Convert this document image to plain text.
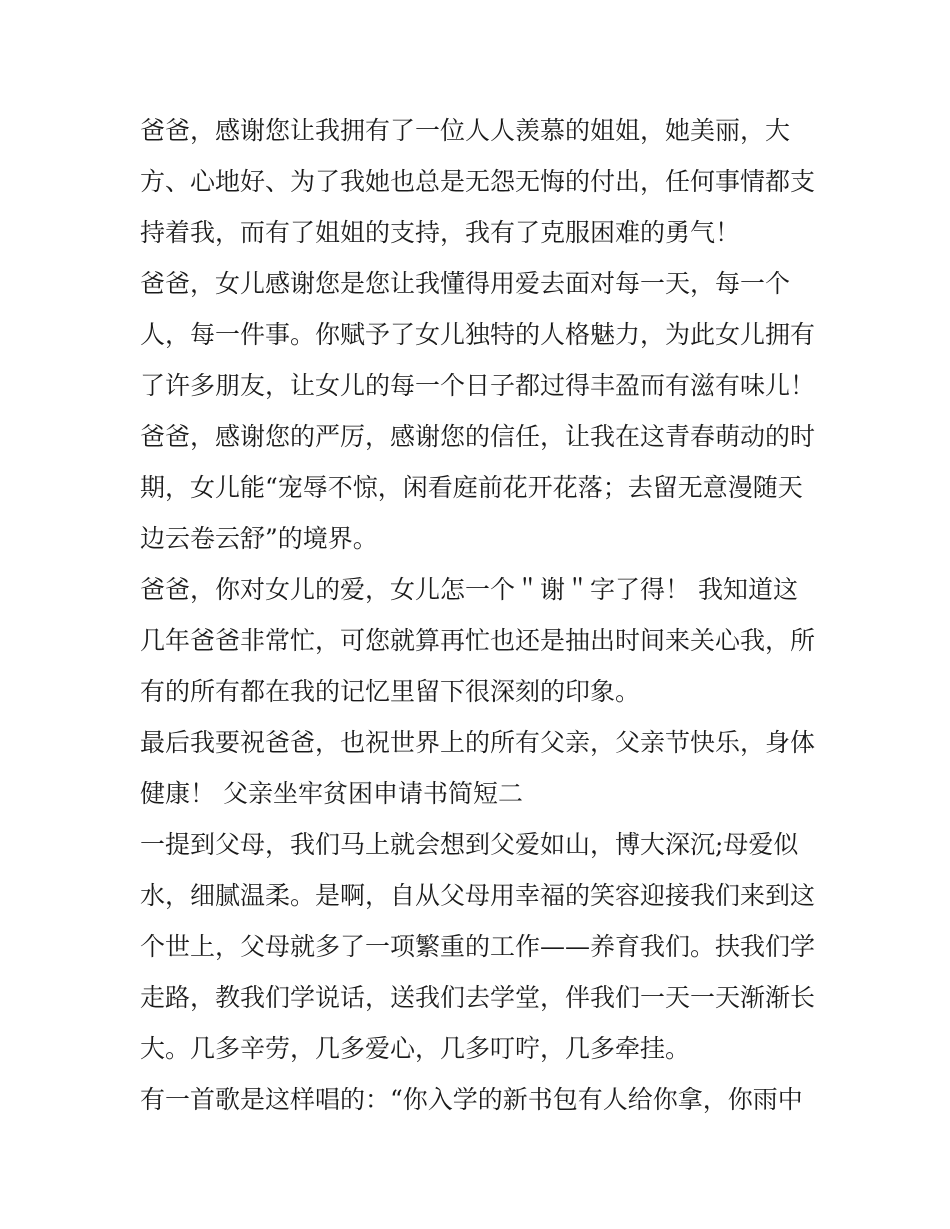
爸爸，感谢您让我拥有了一位人人羡慕的姐姐，她美丽，大
方、心地好、为了我她也总是无怨无悔的付出，任何事情都支
持着我，而有了姐姐的支持，我有了克服困难的勇气！
爸爸，女儿感谢您是您让我懂得用爱去面对每一天，每一个
人，每一件事。你赋予了女儿独特的人格魅力，为此女儿拥有
了许多朋友，让女儿的每一个日子都过得丰盈而有滋有味儿！
爸爸，感谢您的严厉，感谢您的信任，让我在这青春萌动的时
期，女儿能“宠辱不惊，闲看庭前花开花落；去留无意漫随天
边云卷云舒”的境界。
爸爸，你对女儿的爱，女儿怎一个＂谢＂字了得！ 我知道这
几年爸爸非常忙，可您就算再忙也还是抽出时间来关心我，所
有的所有都在我的记忆里留下很深刻的印象。
最后我要祝爸爸，也祝世界上的所有父亲，父亲节快乐，身体
健康！ 父亲坐牢贫困申请书简短二
一提到父母，我们马上就会想到父爱如山，博大深沉;母爱似
水，细腻温柔。是啊，自从父母用幸福的笑容迎接我们来到这
个世上，父母就多了一项繁重的工作——养育我们。扶我们学
走路，教我们学说话，送我们去学堂，伴我们一天一天渐渐长
大。几多辛劳，几多爱心，几多叮咛，几多牵挂。
有一首歌是这样唱的：“你入学的新书包有人给你拿，你雨中
